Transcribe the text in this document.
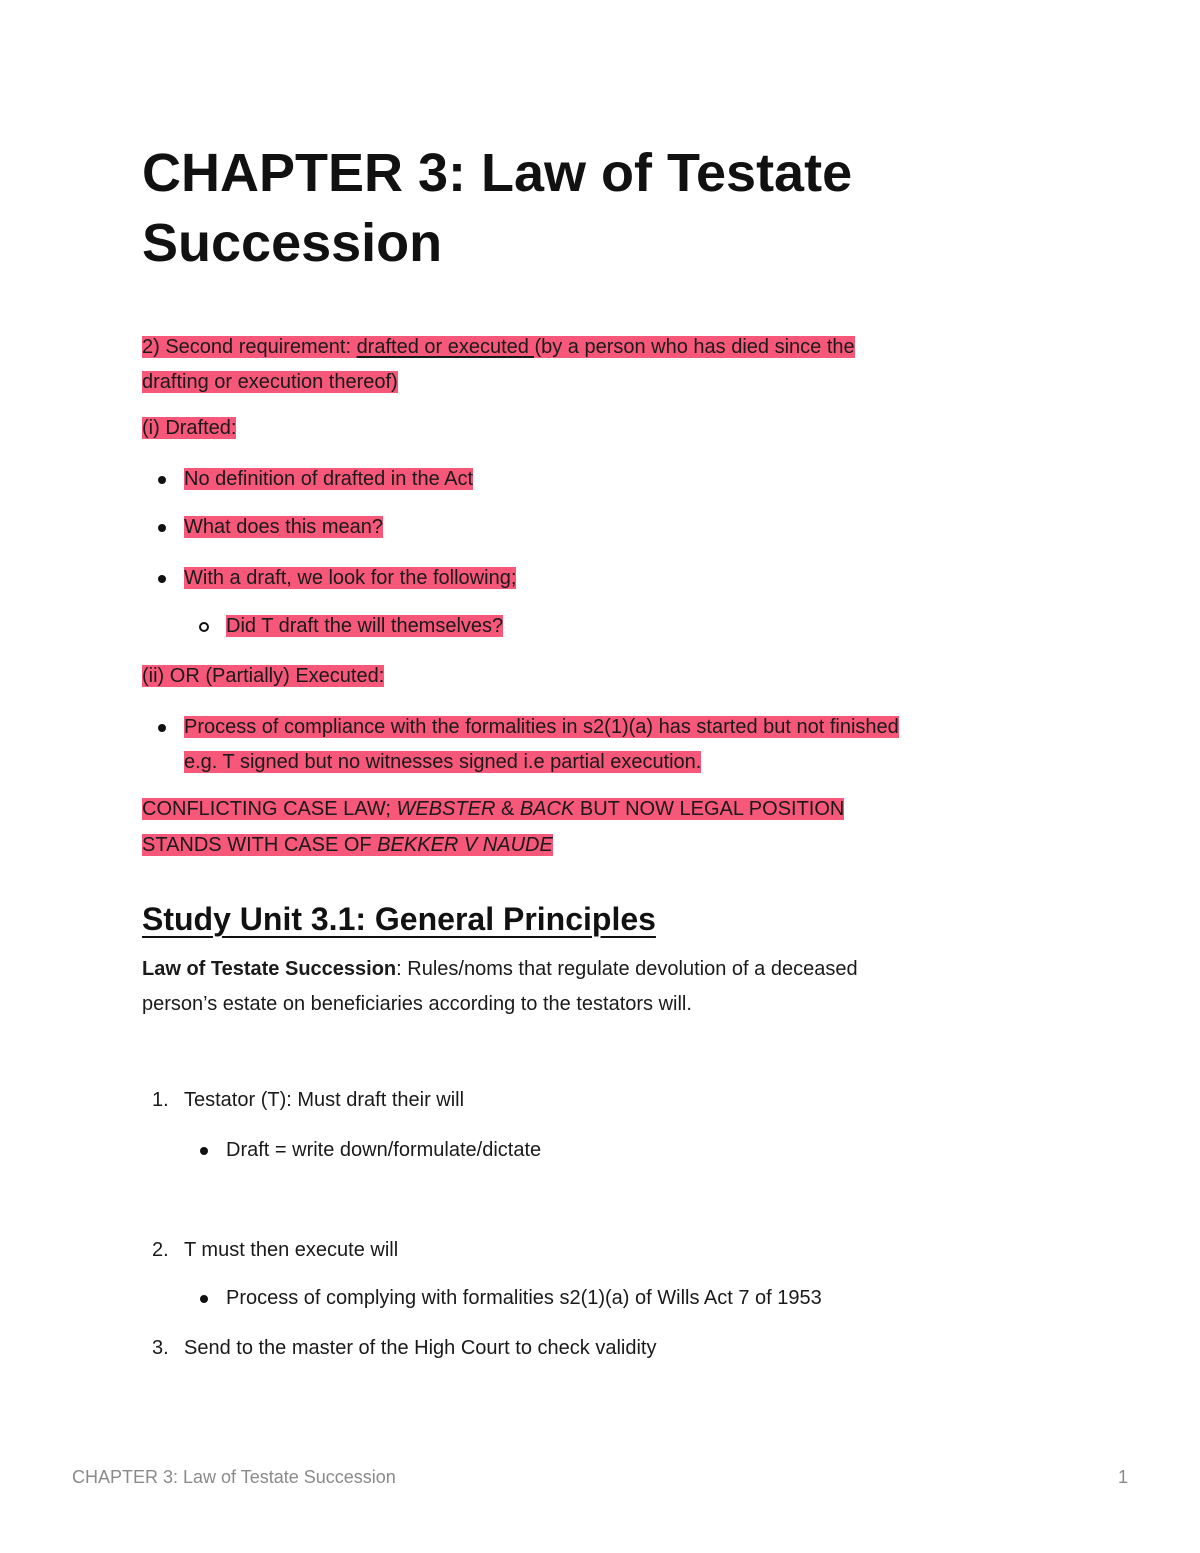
CHAPTER 3: Law of Testate Succession
2) Second requirement: drafted or executed (by a person who has died since the
drafting or execution thereof)
(i) Drafted:
No definition of drafted in the Act
What does this mean?
With a draft, we look for the following;
Did T draft the will themselves?
(ii) OR (Partially) Executed:
Process of compliance with the formalities in s2(1)(a) has started but not finished
e.g. T signed but no witnesses signed i.e partial execution.
CONFLICTING CASE LAW; WEBSTER & BACK BUT NOW LEGAL POSITION
STANDS WITH CASE OF BEKKER V NAUDE
Study Unit 3.1: General Principles
Law of Testate Succession: Rules/noms that regulate devolution of a deceased
person’s estate on beneficiaries according to the testators will.
1. Testator (T): Must draft their will
Draft = write down/formulate/dictate
2. T must then execute will
Process of complying with formalities s2(1)(a) of Wills Act 7 of 1953
3. Send to the master of the High Court to check validity
CHAPTER 3: Law of Testate Succession	1
